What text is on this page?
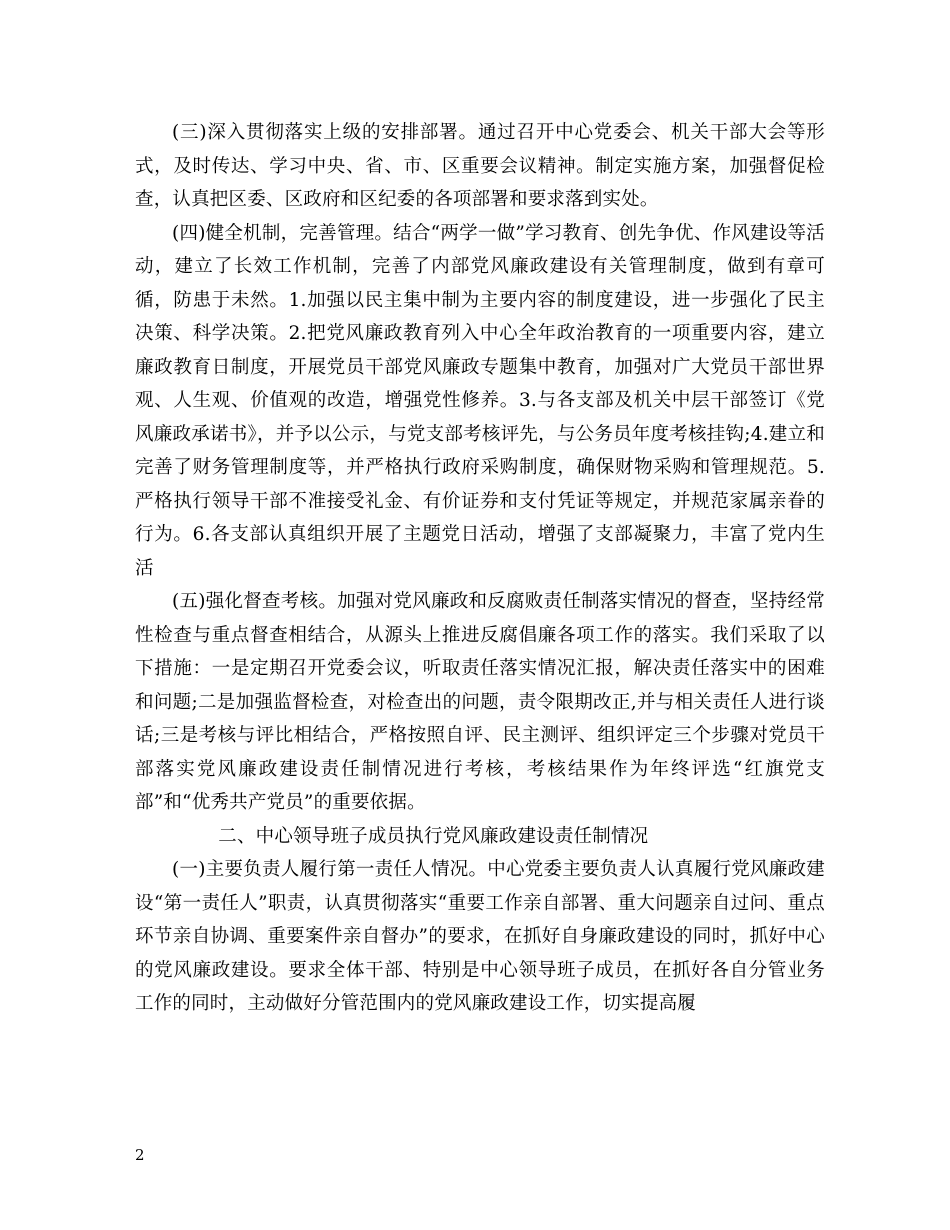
(三)深入贯彻落实上级的安排部署。通过召开中心党委会、机关干部大会等形式，及时传达、学习中央、省、市、区重要会议精神。制定实施方案，加强督促检查，认真把区委、区政府和区纪委的各项部署和要求落到实处。

(四)健全机制，完善管理。结合“两学一做”学习教育、创先争优、作风建设等活动，建立了长效工作机制，完善了内部党风廉政建设有关管理制度，做到有章可循，防患于未然。1.加强以民主集中制为主要内容的制度建设，进一步强化了民主决策、科学决策。2.把党风廉政教育列入中心全年政治教育的一项重要内容，建立廉政教育日制度，开展党员干部党风廉政专题集中教育，加强对广大党员干部世界观、人生观、价值观的改造，增强党性修养。3.与各支部及机关中层干部签订《党风廉政承诺书》，并予以公示，与党支部考核评先，与公务员年度考核挂钩;4.建立和完善了财务管理制度等，并严格执行政府采购制度，确保财物采购和管理规范。5.严格执行领导干部不准接受礼金、有价证券和支付凭证等规定，并规范家属亲眷的行为。6.各支部认真组织开展了主题党日活动，增强了支部凝聚力，丰富了党内生活

(五)强化督查考核。加强对党风廉政和反腐败责任制落实情况的督查，坚持经常性检查与重点督查相结合，从源头上推进反腐倡廉各项工作的落实。我们采取了以下措施：一是定期召开党委会议，听取责任落实情况汇报，解决责任落实中的困难和问题;二是加强监督检查，对检查出的问题，责令限期改正,并与相关责任人进行谈话;三是考核与评比相结合，严格按照自评、民主测评、组织评定三个步骤对党员干部落实党风廉政建设责任制情况进行考核，考核结果作为年终评选“红旗党支部”和“优秀共产党员”的重要依据。

二、中心领导班子成员执行党风廉政建设责任制情况

(一)主要负责人履行第一责任人情况。中心党委主要负责人认真履行党风廉政建设“第一责任人”职责，认真贯彻落实“重要工作亲自部署、重大问题亲自过问、重点环节亲自协调、重要案件亲自督办”的要求，在抓好自身廉政建设的同时，抓好中心的党风廉政建设。要求全体干部、特别是中心领导班子成员，在抓好各自分管业务工作的同时，主动做好分管范围内的党风廉政建设工作，切实提高履

2
